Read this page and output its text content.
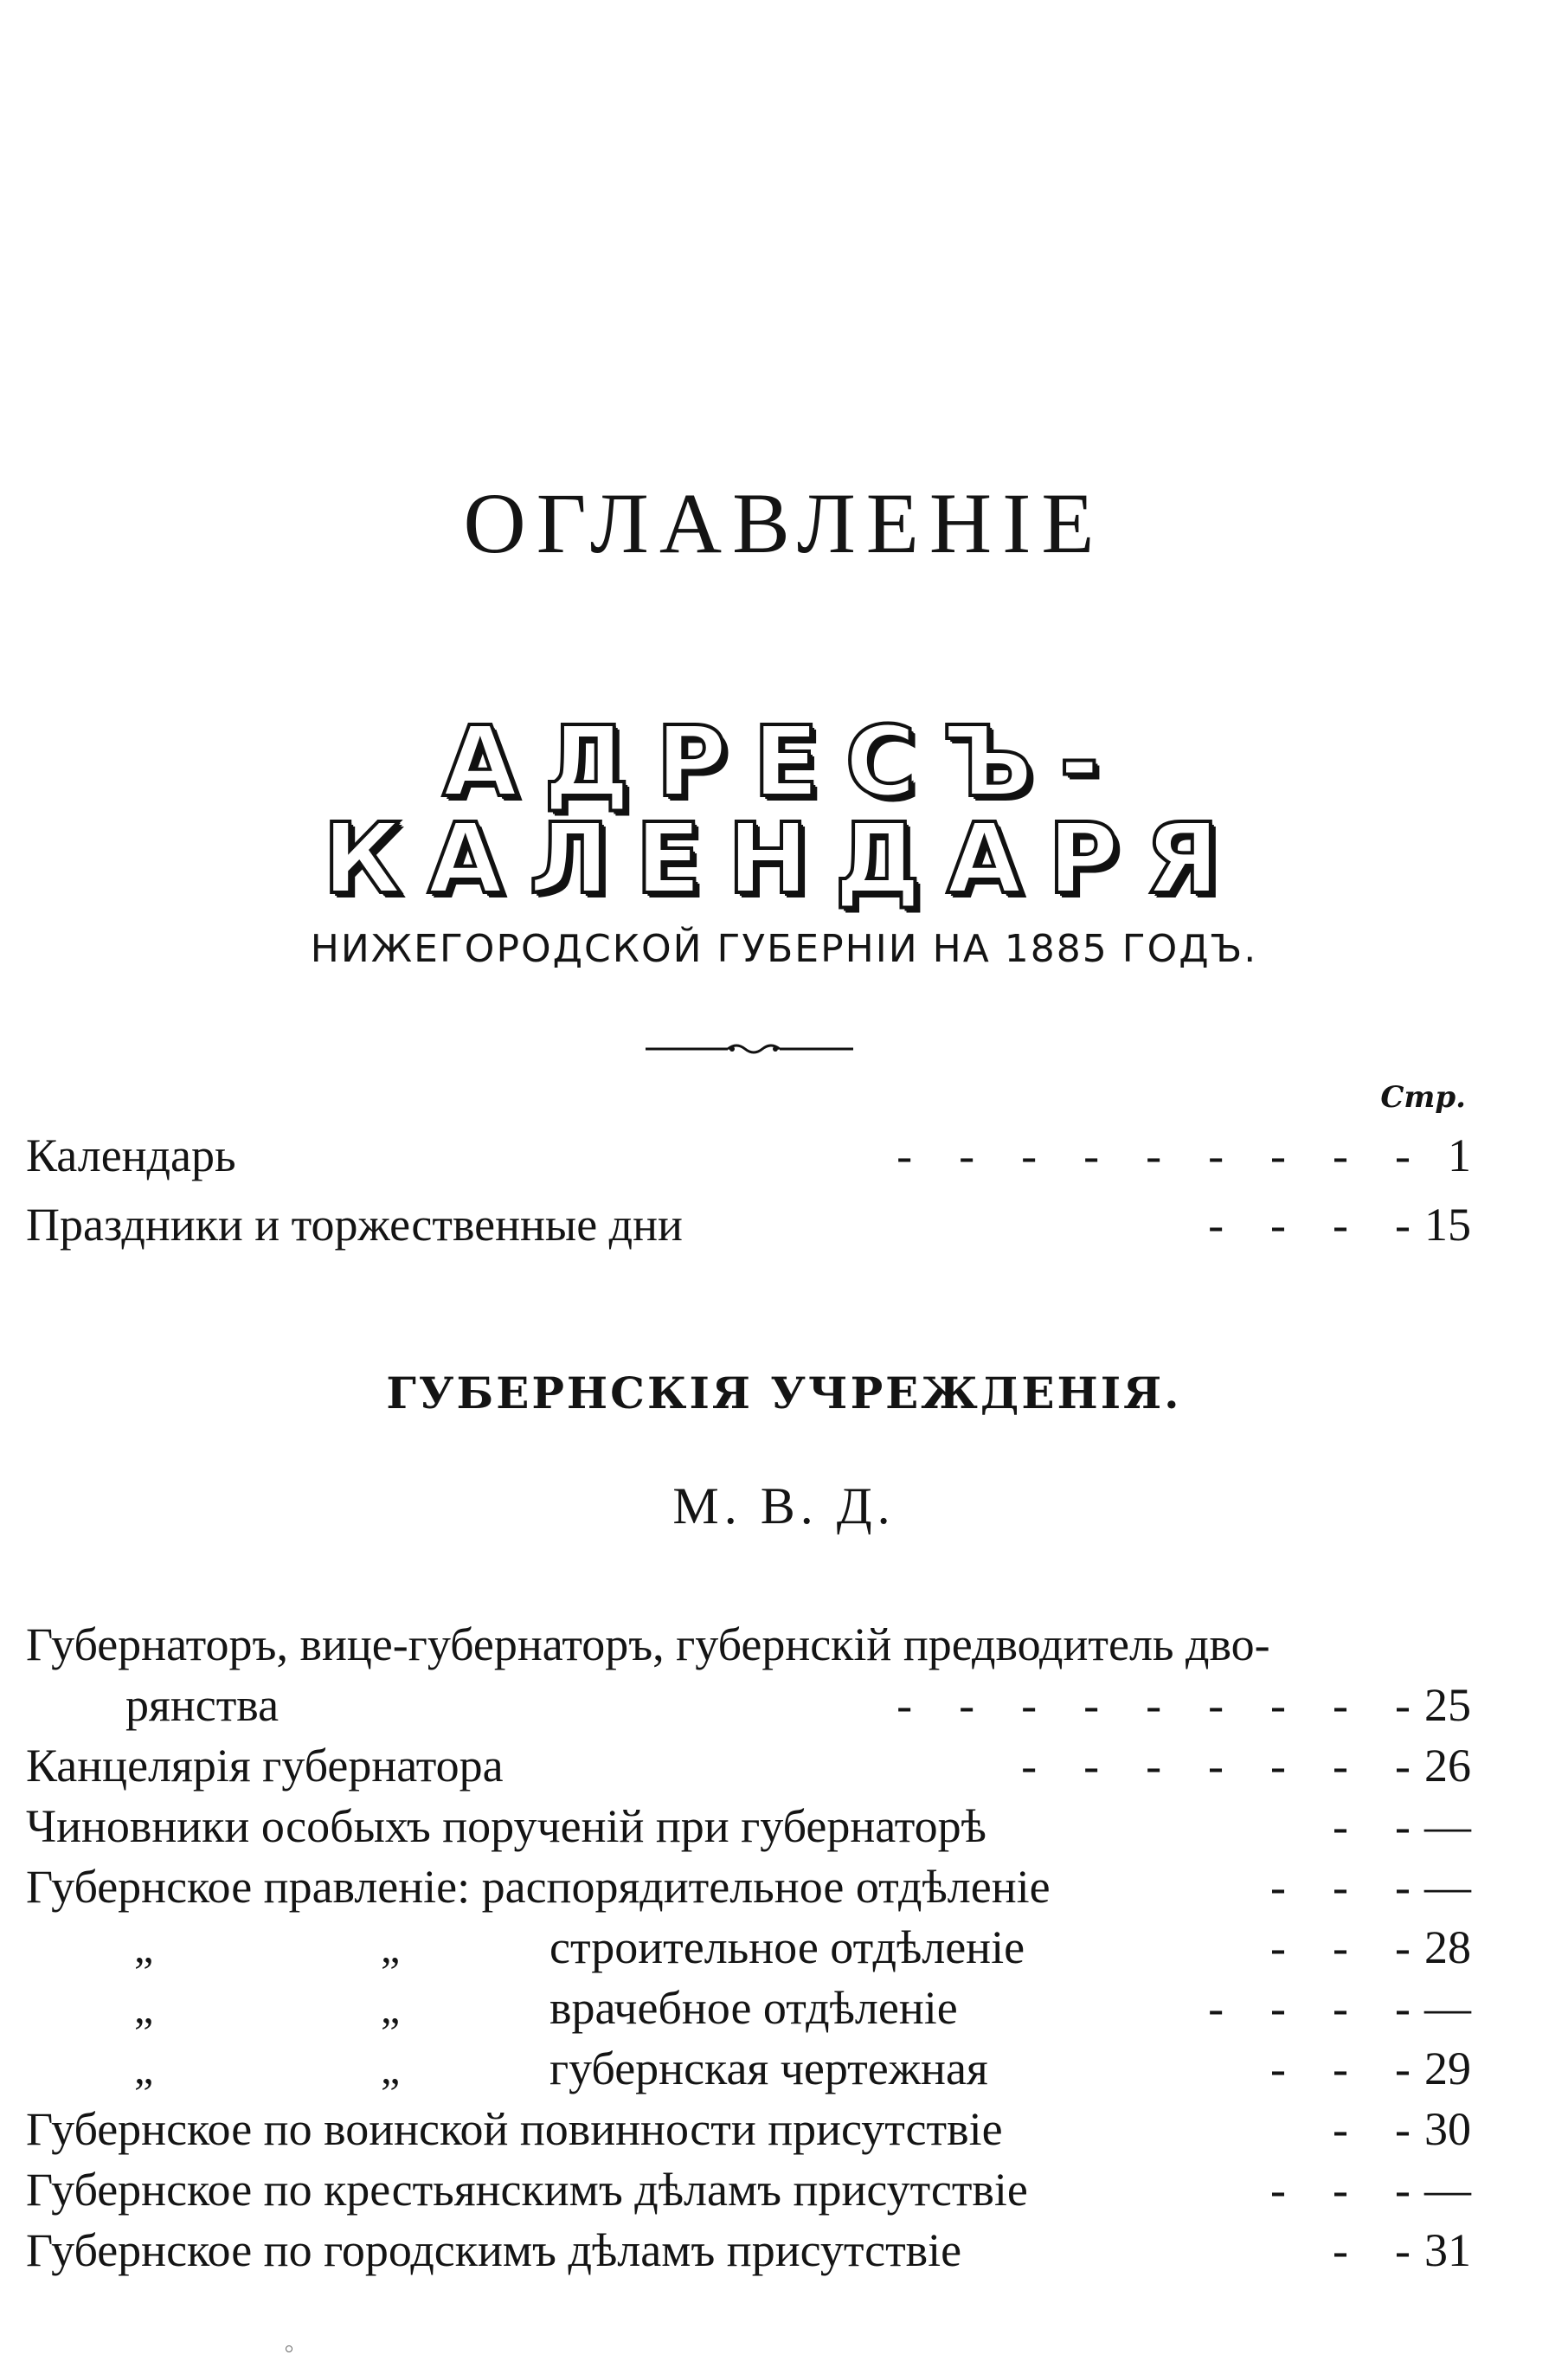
ОГЛАВЛЕНІЕ
АДРЕСЪ-КАЛЕНДАРЯ
НИЖЕГОРОДСКОЙ ГУБЕРНІИ НА 1885 ГОДЪ.
Стр.
Календарь	-    -    -    -    -    -    -    -    - 1
Праздники и торжественные дни	-    -    -    - 15
ГУБЕРНСКІЯ УЧРЕЖДЕНІЯ.
М. В. Д.
Губернаторъ, вице-губернаторъ, губернскій предводитель дво-
рянства	-    -    -    -    -    -    -    -    - 25
Канцелярія губернатора	-    -    -    -    -    -    - 26
Чиновники особыхъ порученій при губернаторѣ	-    - —
Губернское правленіе: распорядительное отдѣленіе	-    -    - —
„	„	строительное отдѣленіе	-    -    - 28
„	„	врачебное отдѣленіе	-    -    -    - —
„	„	губернская чертежная	-    -    - 29
Губернское по воинской повинности присутствіе	-    - 30
Губернское по крестьянскимъ дѣламъ присутствіе	-    -    - —
Губернское по городскимъ дѣламъ присутствіе	-    - 31
